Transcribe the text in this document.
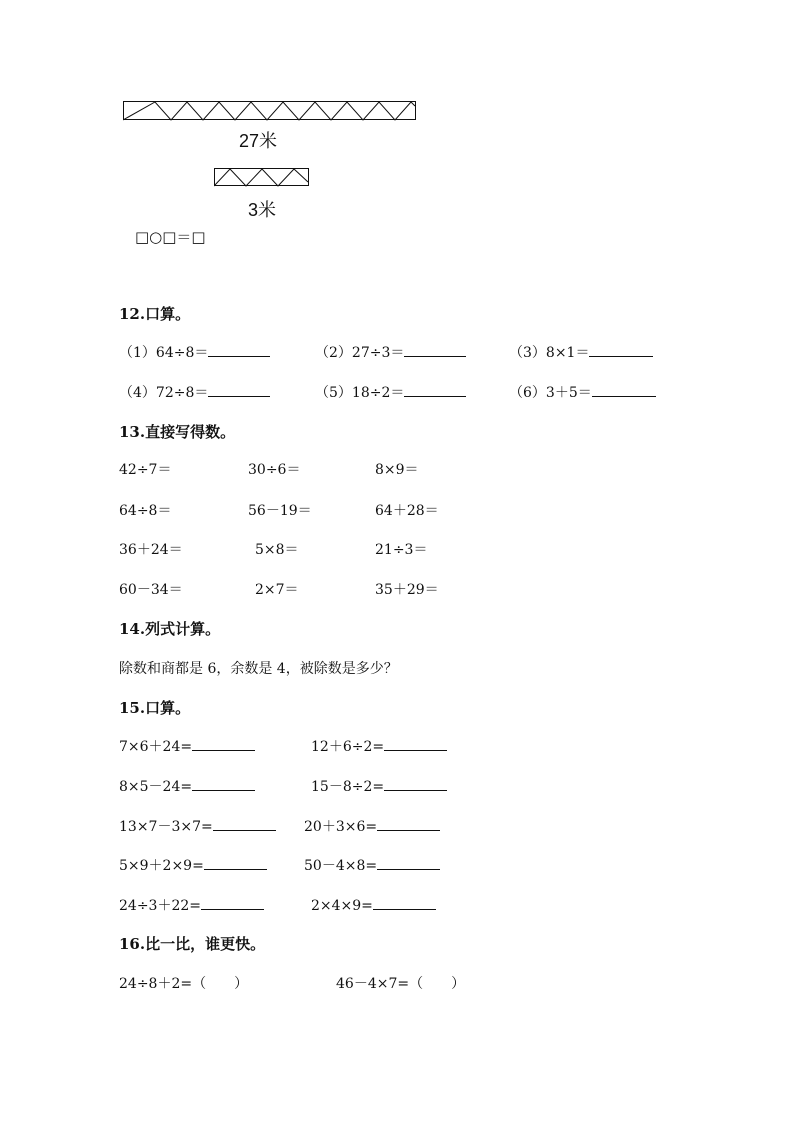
27米
3米
□○□＝□
12.口算。
（1）64÷8＝	（2）27÷3＝	（3）8×1＝
（4）72÷8＝	（5）18÷2＝	（6）3＋5＝
13.直接写得数。
42÷7＝	30÷6＝	8×9＝
64÷8＝	56－19＝	64＋28＝
36＋24＝	5×8＝	21÷3＝
60－34＝	2×7＝	35＋29＝
14.列式计算。
除数和商都是 6，余数是 4，被除数是多少？
15.口算。
7×6＋24=	12＋6÷2=
8×5－24=	15－8÷2=
13×7－3×7=	20＋3×6=
5×9＋2×9=	50－4×8=
24÷3＋22=	2×4×9=
16.比一比，谁更快。
24÷8＋2=（　　）	46－4×7=（　　）
